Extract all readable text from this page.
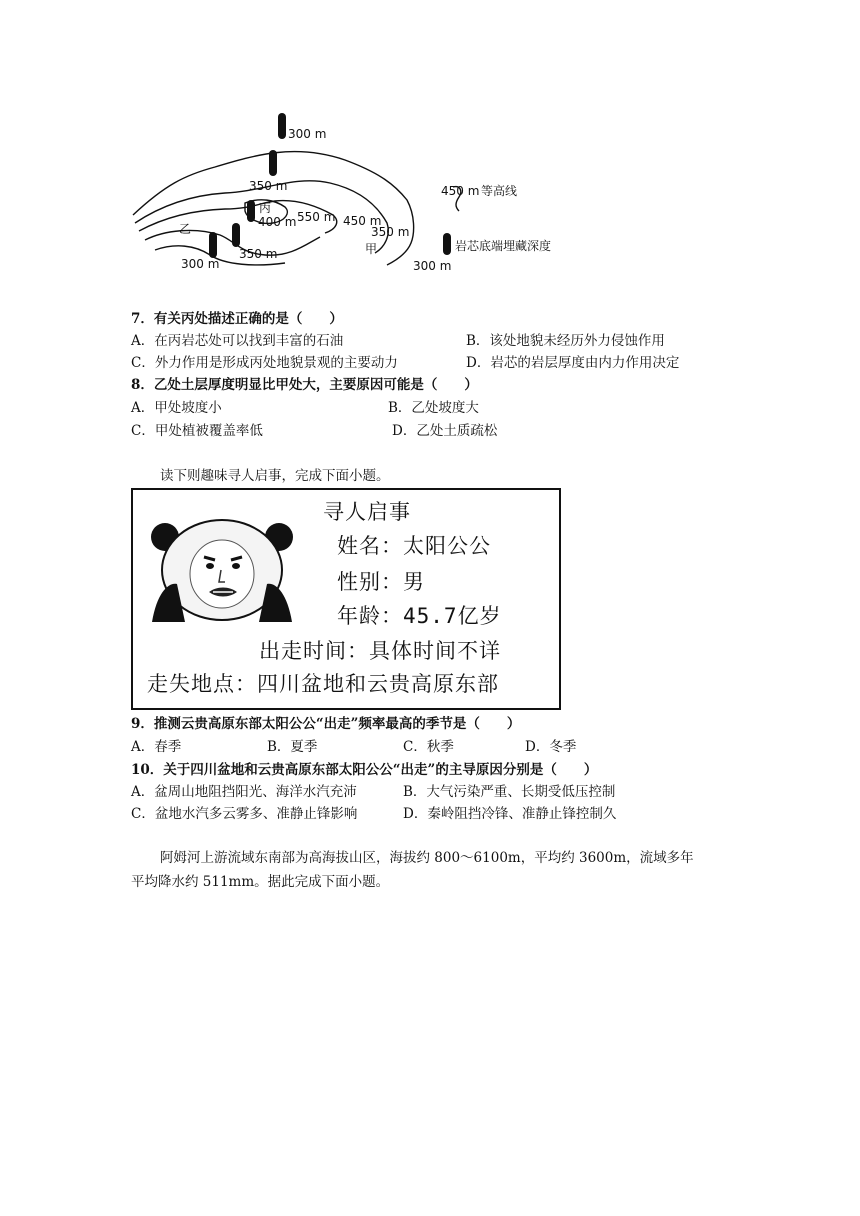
300 m
350 m
丙
400 m 550 m 450 m
350 m
甲
乙
300 m
350 m
300 m
450 m 等高线
岩芯底端埋藏深度
7．有关丙处描述正确的是（　　）
A．在丙岩芯处可以找到丰富的石油	B．该处地貌未经历外力侵蚀作用
C．外力作用是形成丙处地貌景观的主要动力	D．岩芯的岩层厚度由内力作用决定
8．乙处土层厚度明显比甲处大，主要原因可能是（　　）
A．甲处坡度小	B．乙处坡度大
C．甲处植被覆盖率低	D．乙处土质疏松
读下则趣味寻人启事，完成下面小题。
寻人启事
姓名：太阳公公
性别：男
年龄：45.7亿岁
出走时间：具体时间不详
走失地点：四川盆地和云贵高原东部
9．推测云贵高原东部太阳公公“出走”频率最高的季节是（　　）
A．春季	B．夏季	C．秋季	D．冬季
10．关于四川盆地和云贵高原东部太阳公公“出走”的主导原因分别是（　　）
A．盆周山地阻挡阳光、海洋水汽充沛	B．大气污染严重、长期受低压控制
C．盆地水汽多云雾多、准静止锋影响	D．秦岭阻挡冷锋、准静止锋控制久
阿姆河上游流域东南部为高海拔山区，海拔约 800～6100m，平均约 3600m，流域多年
平均降水约 511mm。据此完成下面小题。
